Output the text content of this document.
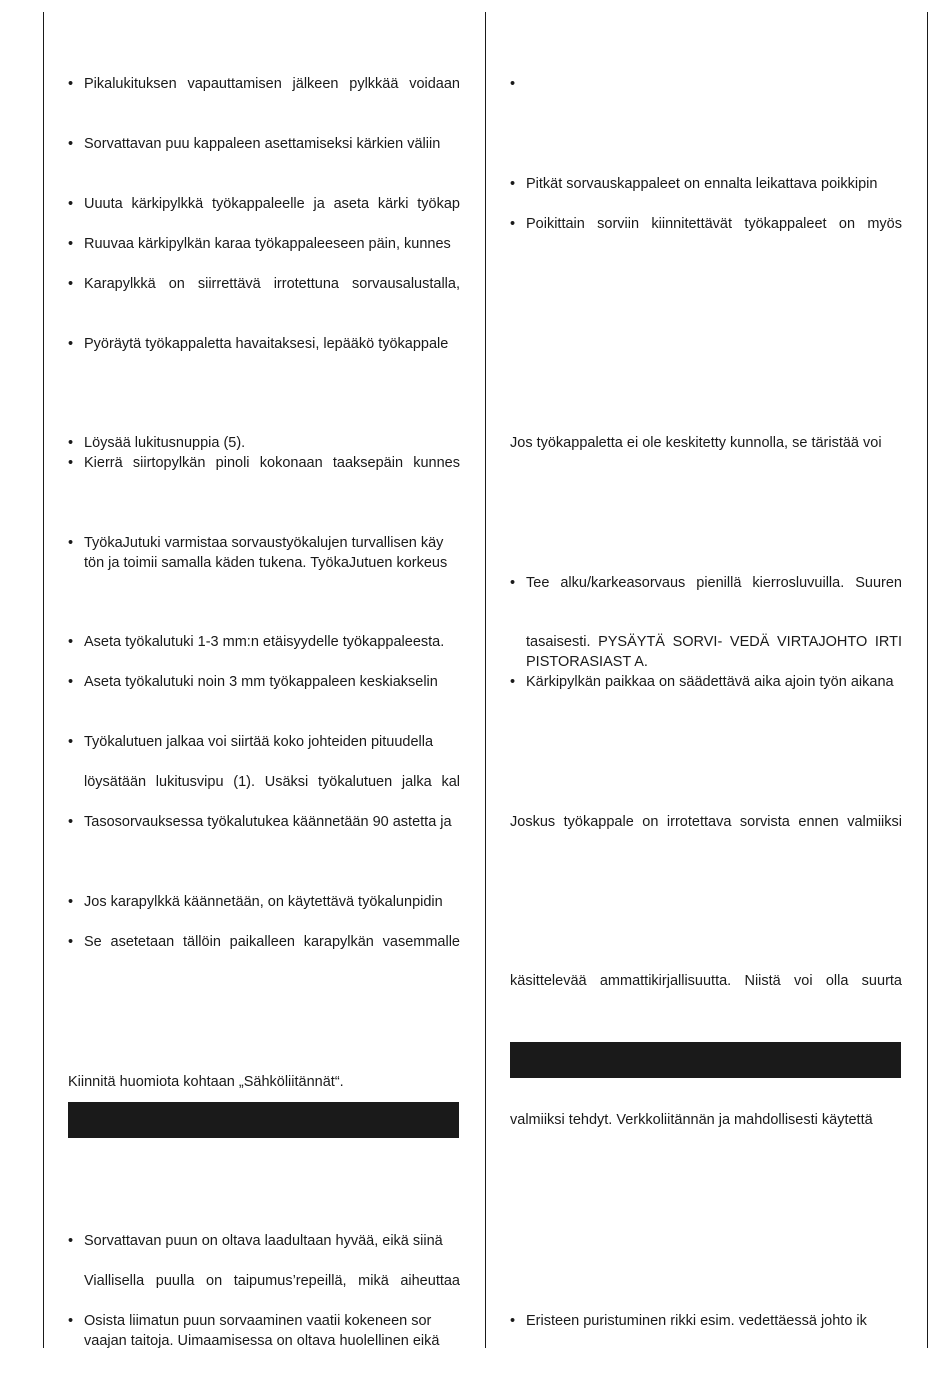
• Pikalukituksen vapauttamisen jälkeen pylkkää voidaan
• Sorvattavan puu kappaleen asettamiseksi kärkien väliin
• Uuuta kärkipylkkä työkappaleelle ja aseta kärki työkap
• Ruuvaa kärkipylkän karaa työkappaleeseen päin, kunnes
• Karapylkkä on siirrettävä irrotettuna sorvausalustalla,
• Pyöräytä työkappaletta havaitaksesi, lepääkö työkappale
• Löysää lukitusnuppia (5).
• Kierrä siirtopylkän pinoli kokonaan taaksepäin kunnes
• TyökaJutuki varmistaa sorvaustyökalujen turvallisen käy
tön ja toimii samalla käden tukena. TyökaJutuen korkeus
• Aseta työkalutuki 1-3 mm:n etäisyydelle työkappaleesta.
• Aseta työkalutuki noin 3 mm työkappaleen keskiakselin
• Työkalutuen jalkaa voi siirtää koko johteiden pituudella
löysätään lukitusvipu (1). Usäksi työkalutuen jalka kal
• Tasosorvauksessa työkalutukea käännetään 90 astetta ja
• Jos karapylkkä käännetään, on käytettävä työkalunpidin
• Se asetetaan tällöin paikalleen karapylkän vasemmalle
Kiinnitä huomiota kohtaan „Sähköliitännät“.
• Sorvattavan puun on oltava laadultaan hyvää, eikä siinä
Viallisella puulla on taipumus’repeillä, mikä aiheuttaa
• Osista liimatun puun sorvaaminen vaatii kokeneen sor
vaajan taitoja. Uimaamisessa on oltava huolellinen eikä
•
• Pitkät sorvauskappaleet on ennalta leikattava poikkipin
• Poikittain sorviin kiinnitettävät työkappaleet on myös
Jos työkappaletta ei ole keskitetty kunnolla, se täristää voi
• Tee alku/karkeasorvaus pienillä kierrosluvuilla. Suuren
tasaisesti. PYSÄYTÄ SORVI- VEDÄ VIRTAJOHTO IRTI
PISTORASIAST A.
• Kärkipylkän paikkaa on säädettävä aika ajoin työn aikana
Joskus työkappale on irrotettava sorvista ennen valmiiksi
käsittelevää ammattikirjallisuutta. Niistä voi olla suurta
valmiiksi tehdyt. Verkkoliitännän ja mahdollisesti käytettä
• Eristeen puristuminen rikki esim. vedettäessä johto ik
